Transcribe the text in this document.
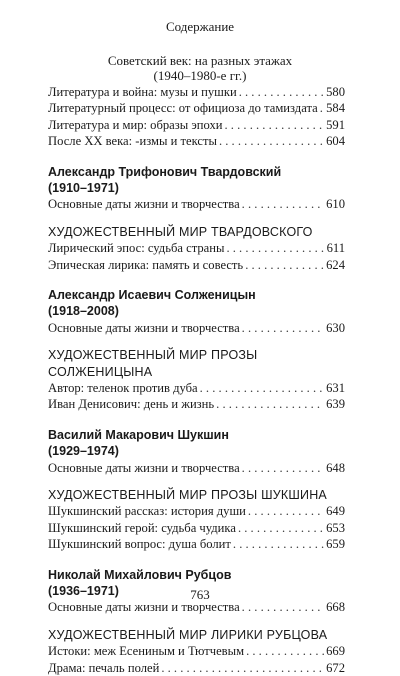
Содержание
Советский век: на разных этажах
(1940–1980-е гг.)
Литература и война: музы и пушки . . .	580
Литературный процесс: от официоза до тамиздата . . . 584
Литература и мир: образы эпохи . . .	591
После XX века: -измы и тексты . . .	604
Александр Трифонович Твардовский
(1910–1971)
Основные даты жизни и творчества . . .	610
ХУДОЖЕСТВЕННЫЙ МИР ТВАРДОВСКОГО
Лирический эпос: судьба страны . . .	611
Эпическая лирика: память и совесть . . .	624
Александр Исаевич Солженицын
(1918–2008)
Основные даты жизни и творчества . . .	630
ХУДОЖЕСТВЕННЫЙ МИР ПРОЗЫ СОЛЖЕНИЦЫНА
Автор: теленок против дуба . . .	631
Иван Денисович: день и жизнь . . .	639
Василий Макарович Шукшин
(1929–1974)
Основные даты жизни и творчества . . .	648
ХУДОЖЕСТВЕННЫЙ МИР ПРОЗЫ ШУКШИНА
Шукшинский рассказ: история души . . .	649
Шукшинский герой: судьба чудика . . .	653
Шукшинский вопрос: душа болит . . .	659
Николай Михайлович Рубцов
(1936–1971)
Основные даты жизни и творчества . . .	668
ХУДОЖЕСТВЕННЫЙ МИР ЛИРИКИ РУБЦОВА
Истоки: меж Есениным и Тютчевым . . .	669
Драма: печаль полей . . .	672
763
